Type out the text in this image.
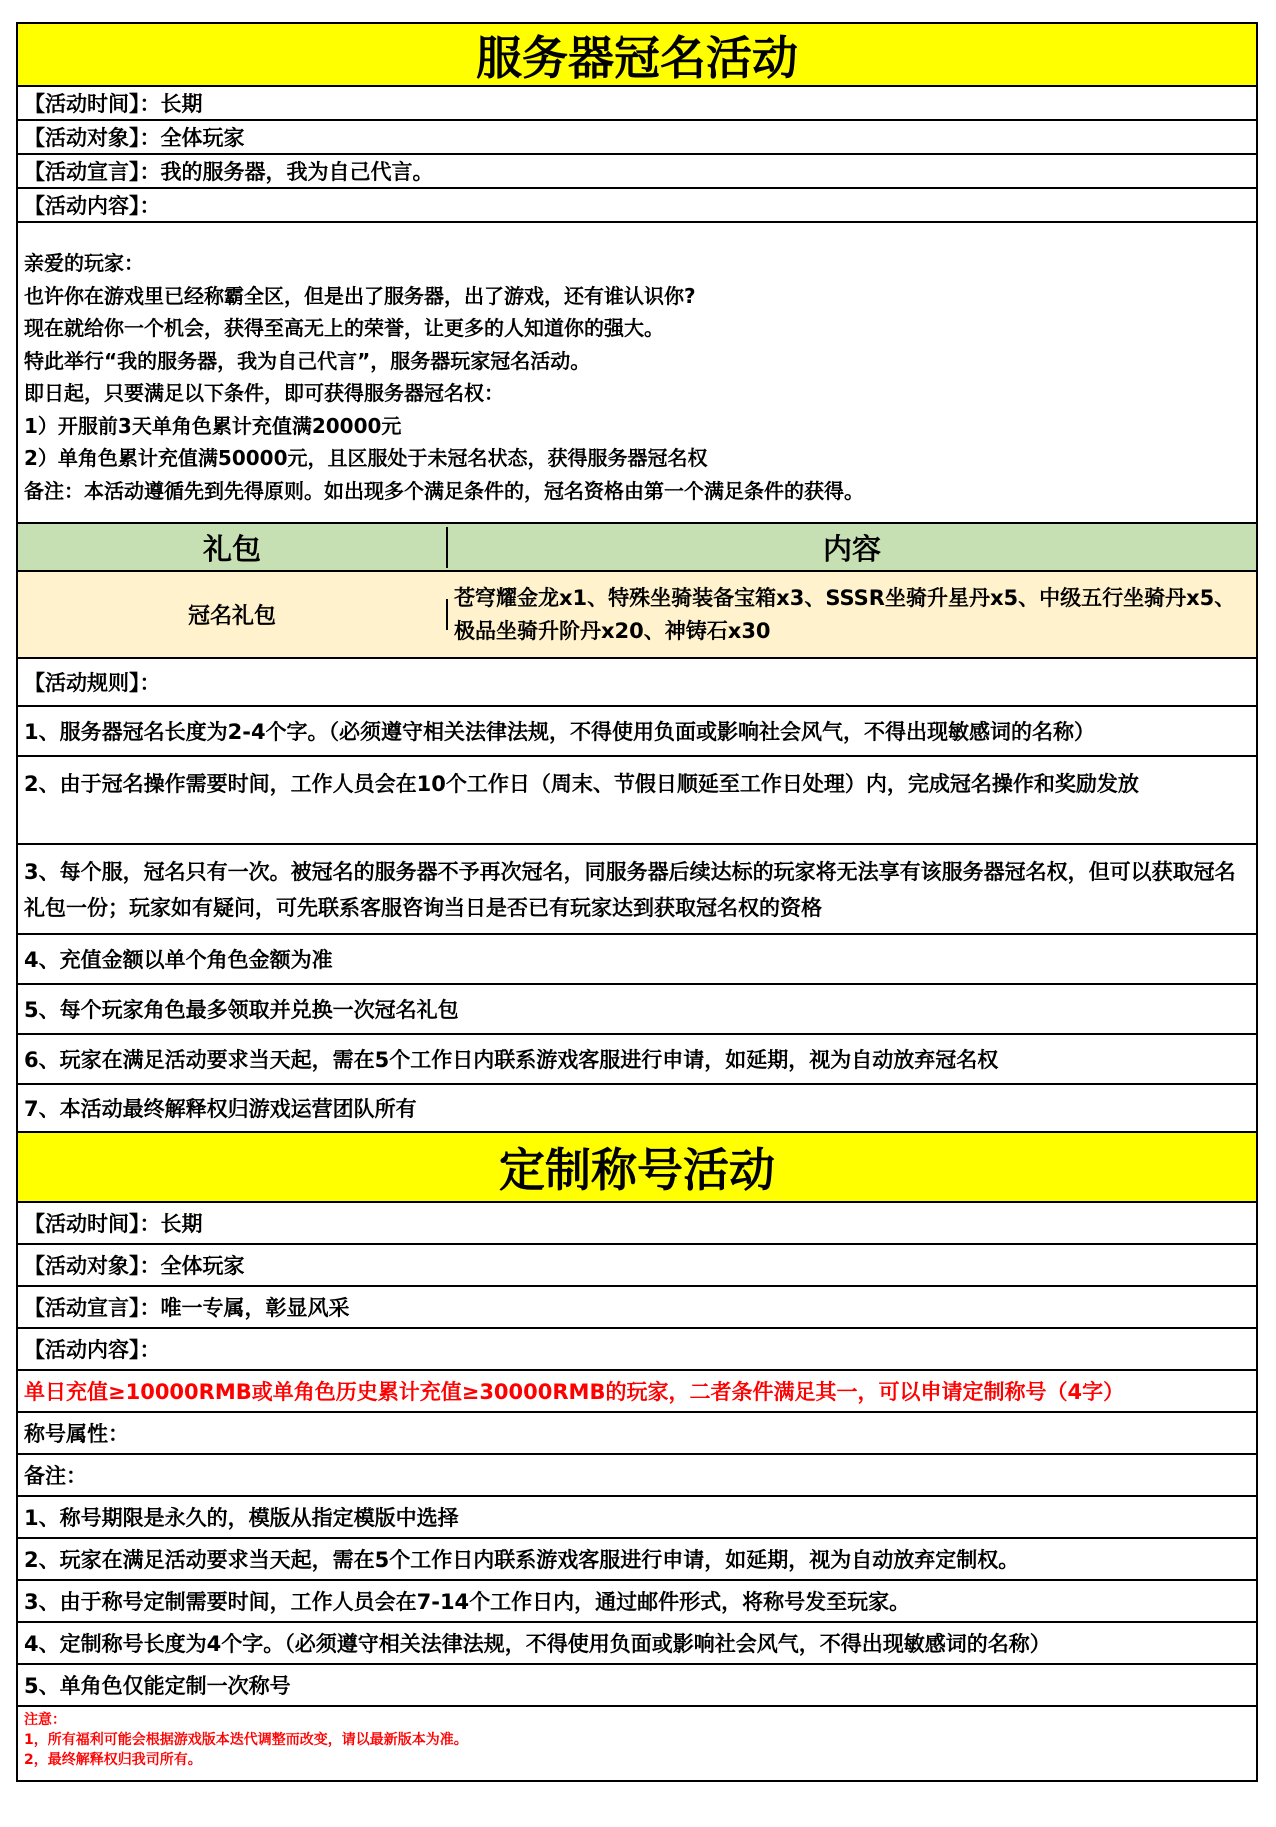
服务器冠名活动
【活动时间】：长期
【活动对象】：全体玩家
【活动宣言】：我的服务器，我为自己代言。
【活动内容】：
亲爱的玩家：
也许你在游戏里已经称霸全区，但是出了服务器，出了游戏，还有谁认识你?
现在就给你一个机会，获得至高无上的荣誉，让更多的人知道你的强大。
特此举行“我的服务器，我为自己代言”，服务器玩家冠名活动。
即日起，只要满足以下条件，即可获得服务器冠名权：
1）开服前3天单角色累计充值满20000元
2）单角色累计充值满50000元，且区服处于未冠名状态，获得服务器冠名权
备注：本活动遵循先到先得原则。如出现多个满足条件的，冠名资格由第一个满足条件的获得。
礼包	内容
冠名礼包
苍穹耀金龙x1、特殊坐骑装备宝箱x3、SSSR坐骑升星丹x5、中级五行坐骑丹x5、极品坐骑升阶丹x20、神铸石x30
【活动规则】：
1、服务器冠名长度为2-4个字。（必须遵守相关法律法规，不得使用负面或影响社会风气，不得出现敏感词的名称）
2、由于冠名操作需要时间，工作人员会在10个工作日（周末、节假日顺延至工作日处理）内，完成冠名操作和奖励发放
3、每个服，冠名只有一次。被冠名的服务器不予再次冠名，同服务器后续达标的玩家将无法享有该服务器冠名权，但可以获取冠名礼包一份；玩家如有疑问，可先联系客服咨询当日是否已有玩家达到获取冠名权的资格
4、充值金额以单个角色金额为准
5、每个玩家角色最多领取并兑换一次冠名礼包
6、玩家在满足活动要求当天起，需在5个工作日内联系游戏客服进行申请，如延期，视为自动放弃冠名权
7、本活动最终解释权归游戏运营团队所有
定制称号活动
【活动时间】：长期
【活动对象】：全体玩家
【活动宣言】：唯一专属，彰显风采
【活动内容】：
单日充值≥10000RMB或单角色历史累计充值≥30000RMB的玩家，二者条件满足其一，可以申请定制称号（4字）
称号属性：
备注：
1、称号期限是永久的，模版从指定模版中选择
2、玩家在满足活动要求当天起，需在5个工作日内联系游戏客服进行申请，如延期，视为自动放弃定制权。
3、由于称号定制需要时间，工作人员会在7-14个工作日内，通过邮件形式，将称号发至玩家。
4、定制称号长度为4个字。（必须遵守相关法律法规，不得使用负面或影响社会风气，不得出现敏感词的名称）
5、单角色仅能定制一次称号
注意：
1，所有福利可能会根据游戏版本迭代调整而改变，请以最新版本为准。
2，最终解释权归我司所有。
